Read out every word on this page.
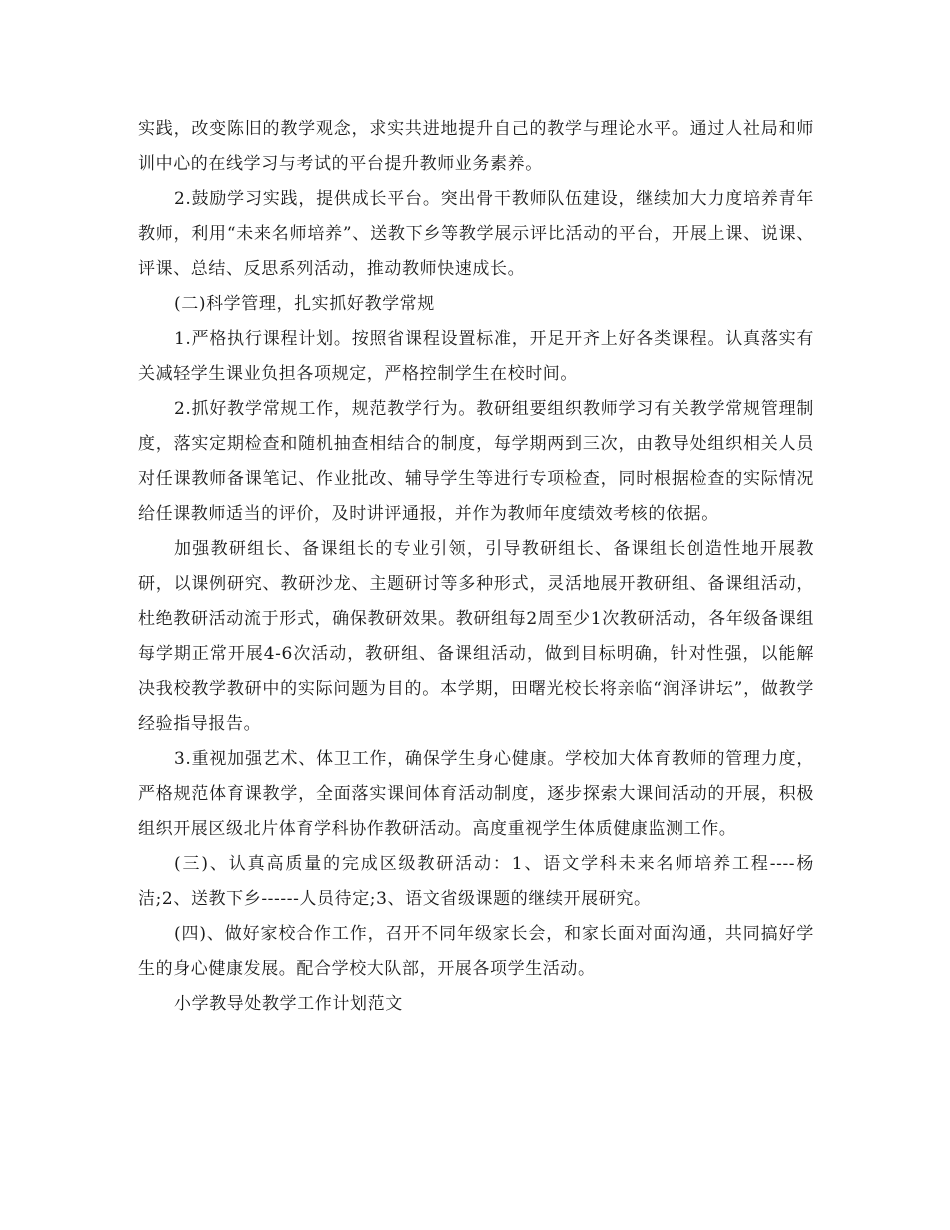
实践，改变陈旧的教学观念，求实共进地提升自己的教学与理论水平。通过人社局和师训中心的在线学习与考试的平台提升教师业务素养。

2.鼓励学习实践，提供成长平台。突出骨干教师队伍建设，继续加大力度培养青年教师，利用“未来名师培养”、送教下乡等教学展示评比活动的平台，开展上课、说课、评课、总结、反思系列活动，推动教师快速成长。

(二)科学管理，扎实抓好教学常规

1.严格执行课程计划。按照省课程设置标准，开足开齐上好各类课程。认真落实有关减轻学生课业负担各项规定，严格控制学生在校时间。

2.抓好教学常规工作，规范教学行为。教研组要组织教师学习有关教学常规管理制度，落实定期检查和随机抽查相结合的制度，每学期两到三次，由教导处组织相关人员对任课教师备课笔记、作业批改、辅导学生等进行专项检查，同时根据检查的实际情况给任课教师适当的评价，及时讲评通报，并作为教师年度绩效考核的依据。

加强教研组长、备课组长的专业引领，引导教研组长、备课组长创造性地开展教研，以课例研究、教研沙龙、主题研讨等多种形式，灵活地展开教研组、备课组活动，杜绝教研活动流于形式，确保教研效果。教研组每2周至少1次教研活动，各年级备课组每学期正常开展4-6次活动，教研组、备课组活动，做到目标明确，针对性强，以能解决我校教学教研中的实际问题为目的。本学期，田曙光校长将亲临“润泽讲坛”，做教学经验指导报告。

3.重视加强艺术、体卫工作，确保学生身心健康。学校加大体育教师的管理力度，严格规范体育课教学，全面落实课间体育活动制度，逐步探索大课间活动的开展，积极组织开展区级北片体育学科协作教研活动。高度重视学生体质健康监测工作。

(三)、认真高质量的完成区级教研活动：1、语文学科未来名师培养工程----杨洁;2、送教下乡------人员待定;3、语文省级课题的继续开展研究。

(四)、做好家校合作工作，召开不同年级家长会，和家长面对面沟通，共同搞好学生的身心健康发展。配合学校大队部，开展各项学生活动。

小学教导处教学工作计划范文
